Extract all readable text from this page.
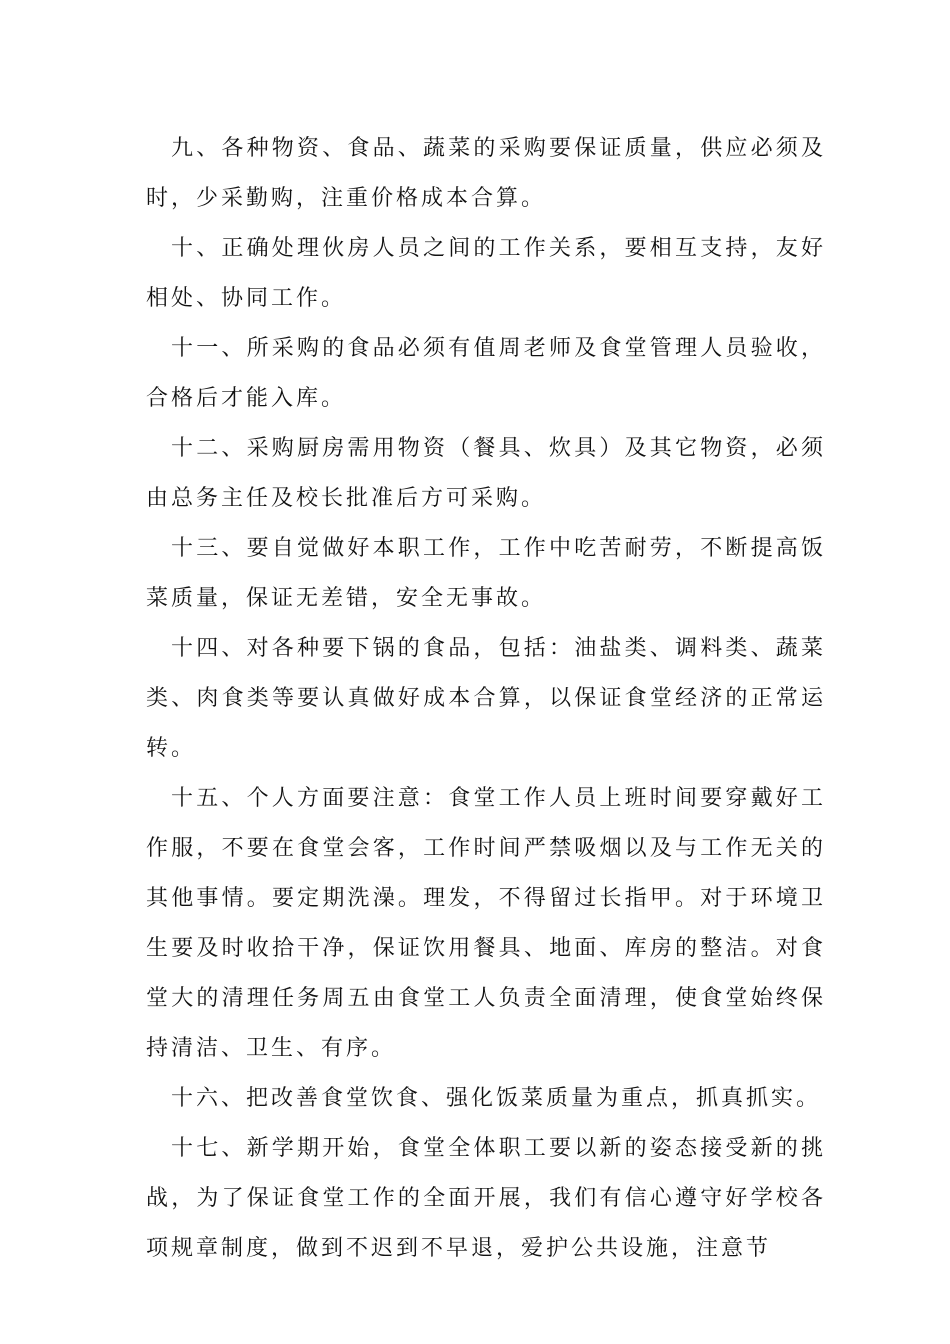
九、各种物资、食品、蔬菜的采购要保证质量，供应必须及时，少采勤购，注重价格成本合算。

十、正确处理伙房人员之间的工作关系，要相互支持，友好相处、协同工作。

十一、所采购的食品必须有值周老师及食堂管理人员验收，合格后才能入库。

十二、采购厨房需用物资（餐具、炊具）及其它物资，必须由总务主任及校长批准后方可采购。

十三、要自觉做好本职工作，工作中吃苦耐劳，不断提高饭菜质量，保证无差错，安全无事故。

十四、对各种要下锅的食品，包括：油盐类、调料类、蔬菜类、肉食类等要认真做好成本合算，以保证食堂经济的正常运转。

十五、个人方面要注意：食堂工作人员上班时间要穿戴好工作服，不要在食堂会客，工作时间严禁吸烟以及与工作无关的其他事情。要定期洗澡。理发，不得留过长指甲。对于环境卫生要及时收拾干净，保证饮用餐具、地面、库房的整洁。对食堂大的清理任务周五由食堂工人负责全面清理，使食堂始终保持清洁、卫生、有序。

十六、把改善食堂饮食、强化饭菜质量为重点，抓真抓实。

十七、新学期开始，食堂全体职工要以新的姿态接受新的挑战，为了保证食堂工作的全面开展，我们有信心遵守好学校各项规章制度，做到不迟到不早退，爱护公共设施，注意节
